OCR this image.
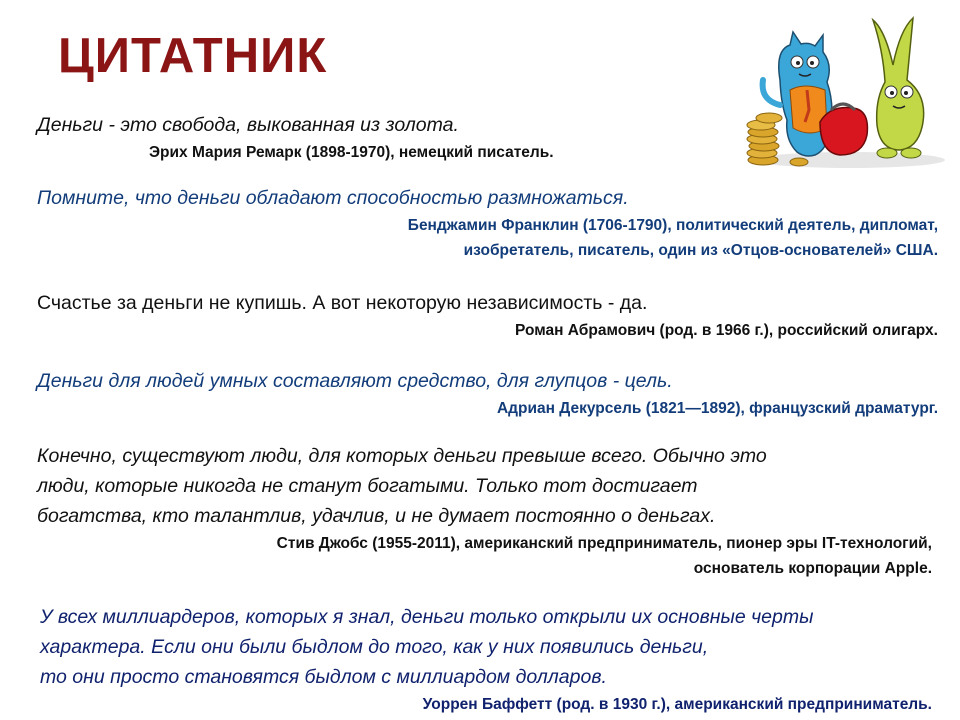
ЦИТАТНИК

Деньги - это свобода, выкованная из золота.

Эрих Мария Ремарк (1898-1970), немецкий писатель.

Помните, что деньги обладают способностью размножаться.

Бенджамин Франклин (1706-1790), политический деятель, дипломат,

изобретатель, писатель, один из «Отцов-основателей» США.

Счастье за деньги не купишь. А вот некоторую независимость - да.

Роман Абрамович (род. в 1966 г.), российский олигарх.

Деньги для людей умных составляют средство, для глупцов - цель.

Адриан Декурсель (1821—1892), французский драматург.

Конечно, существуют люди, для которых деньги превыше всего. Обычно это

люди, которые никогда не станут богатыми. Только тот достигает

богатства, кто талантлив, удачлив, и не думает постоянно о деньгах.

Стив Джобс (1955-2011), американский предприниматель, пионер эры IT-технологий,

основатель корпорации Apple.

У всех миллиардеров, которых я знал, деньги только открыли их основные черты

характера. Если они были быдлом до того, как у них появились деньги,

то они просто становятся быдлом с миллиардом долларов.

Уоррен Баффетт (род. в 1930 г.), американский предприниматель.
